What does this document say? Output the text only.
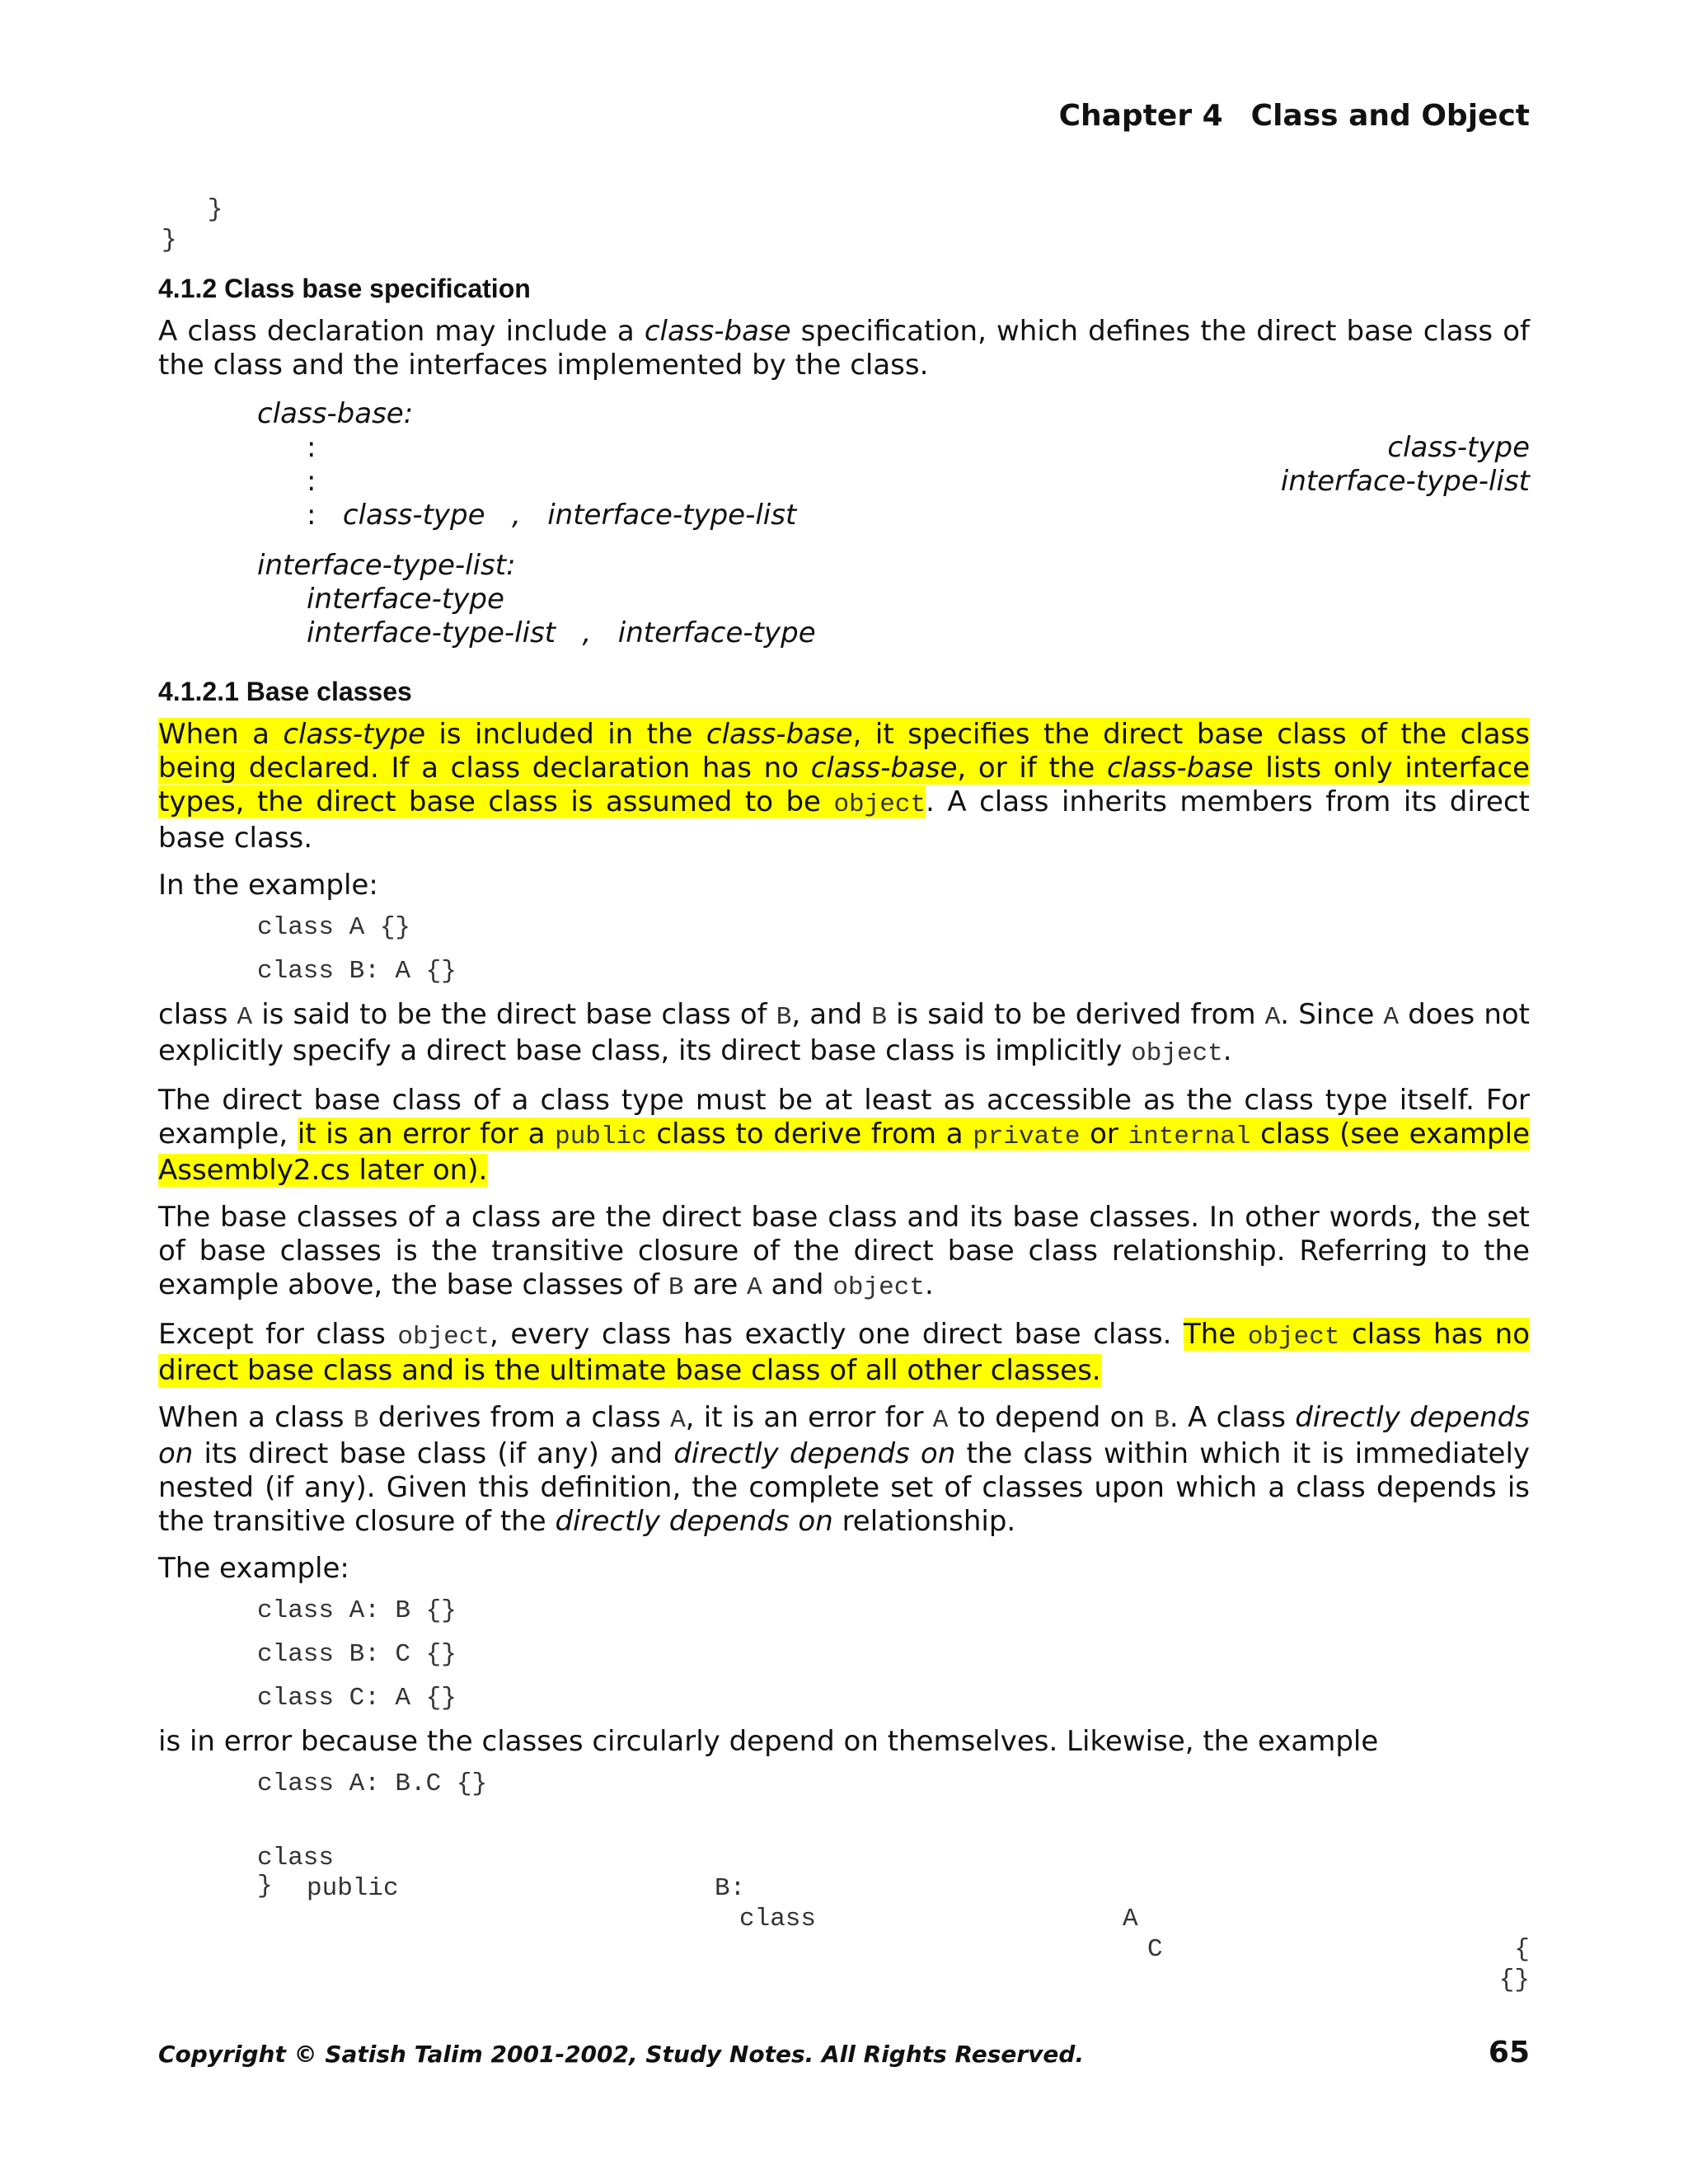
Chapter 4 Class and Object
}
}
4.1.2 Class base specification

A class declaration may include a class-base specification, which defines the direct base class of the class and the interfaces implemented by the class.

class-base:
:	class-type
:	interface-type-list
: class-type , interface-type-list
interface-type-list:
interface-type
interface-type-list , interface-type
4.1.2.1 Base classes

When a class-type is included in the class-base, it specifies the direct base class of the class being declared. If a class declaration has no class-base, or if the class-base lists only interface types, the direct base class is assumed to be object. A class inherits members from its direct base class.

In the example:

class A {}
class B: A {}

class A is said to be the direct base class of B, and B is said to be derived from A. Since A does not explicitly specify a direct base class, its direct base class is implicitly object.

The direct base class of a class type must be at least as accessible as the class type itself. For example, it is an error for a public class to derive from a private or internal class (see example Assembly2.cs later on).

The base classes of a class are the direct base class and its base classes. In other words, the set of base classes is the transitive closure of the direct base class relationship. Referring to the example above, the base classes of B are A and object.

Except for class object, every class has exactly one direct base class. The object class has no direct base class and is the ultimate base class of all other classes.

When a class B derives from a class A, it is an error for A to depend on B. A class directly depends on its direct base class (if any) and directly depends on the class within which it is immediately nested (if any). Given this definition, the complete set of classes upon which a class depends is the transitive closure of the directly depends on relationship.

The example:

class A: B {}
class B: C {}
class C: A {}

is in error because the classes circularly depend on themselves. Likewise, the example

class A: B.C {}

class

B:

A

{

public

class

C

{}

}
Copyright © Satish Talim 2001-2002, Study Notes. All Rights Reserved.	65
